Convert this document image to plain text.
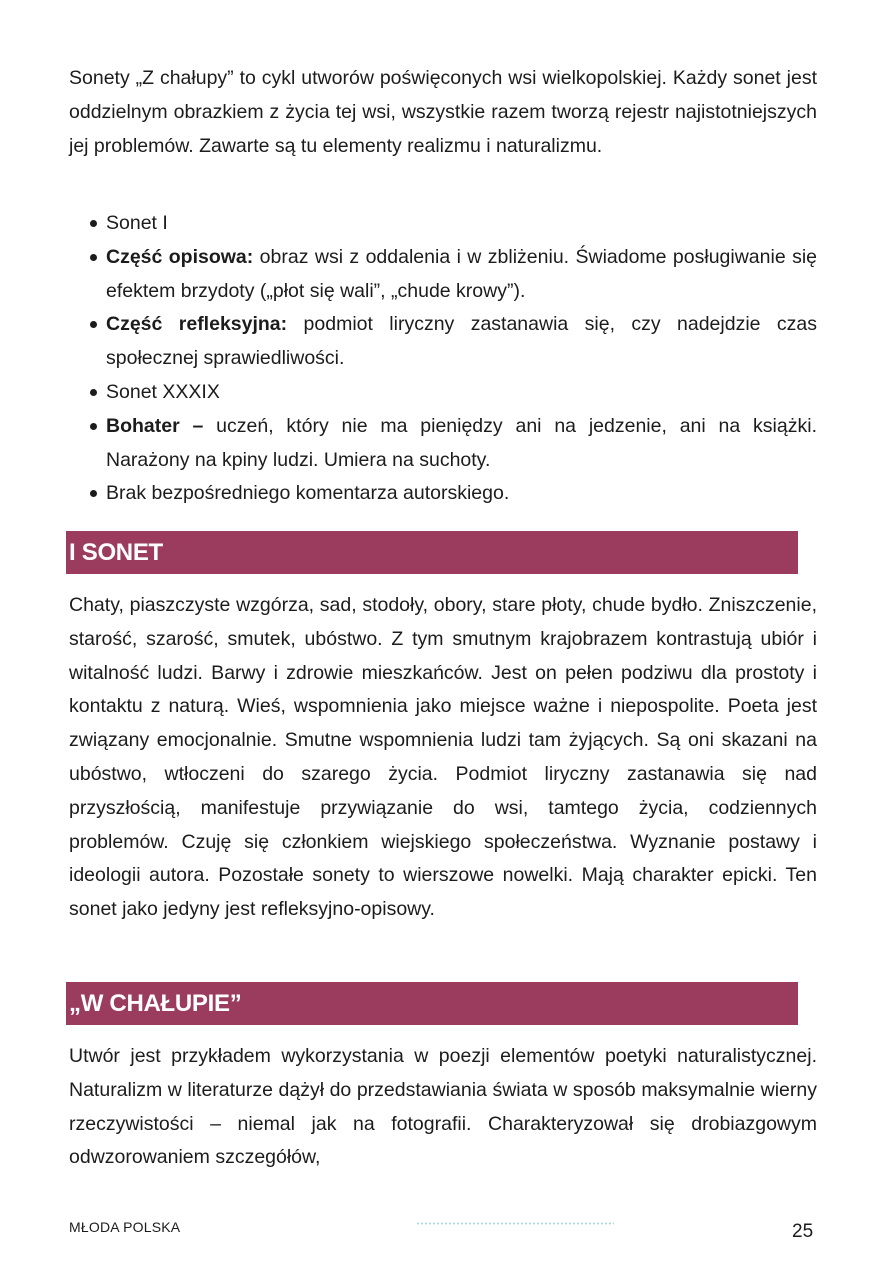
Sonety „Z chałupy” to cykl utworów poświęconych wsi wielkopolskiej. Każdy sonet jest oddzielnym obrazkiem z życia tej wsi, wszystkie razem tworzą rejestr najistotniejszych jej problemów. Zawarte są tu elementy realizmu i naturalizmu.

Sonet I
Część opisowa: obraz wsi z oddalenia i w zbliżeniu. Świadome posługiwanie się efektem brzydoty („płot się wali”, „chude krowy”).
Część refleksyjna: podmiot liryczny zastanawia się, czy nadejdzie czas społecznej sprawiedliwości.
Sonet XXXIX
Bohater – uczeń, który nie ma pieniędzy ani na jedzenie, ani na książki. Narażony na kpiny ludzi. Umiera na suchoty.
Brak bezpośredniego komentarza autorskiego.
I SONET

Chaty, piaszczyste wzgórza, sad, stodoły, obory, stare płoty, chude bydło. Zniszczenie, starość, szarość, smutek, ubóstwo. Z tym smutnym krajobrazem kontrastują ubiór i witalność ludzi. Barwy i zdrowie mieszkańców. Jest on pełen podziwu dla prostoty i kontaktu z naturą. Wieś, wspomnienia jako miejsce ważne i niepospolite. Poeta jest związany emocjonalnie. Smutne wspomnienia ludzi tam żyjących. Są oni skazani na ubóstwo, wtłoczeni do szarego życia. Podmiot liryczny zastanawia się nad przyszłością, manifestuje przywiązanie do wsi, tamtego życia, codziennych problemów. Czuję się członkiem wiejskiego społeczeństwa. Wyznanie postawy i ideologii autora. Pozostałe sonety to wierszowe nowelki. Mają charakter epicki. Ten sonet jako jedyny jest refleksyjno-opisowy.

„W CHAŁUPIE”

Utwór jest przykładem wykorzystania w poezji elementów poetyki naturalistycznej. Naturalizm w literaturze dążył do przedstawiania świata w sposób maksymalnie wierny rzeczywistości – niemal jak na fotografii. Charakteryzował się drobiazgowym odwzorowaniem szczegółów,

MŁODA POLSKA	25
